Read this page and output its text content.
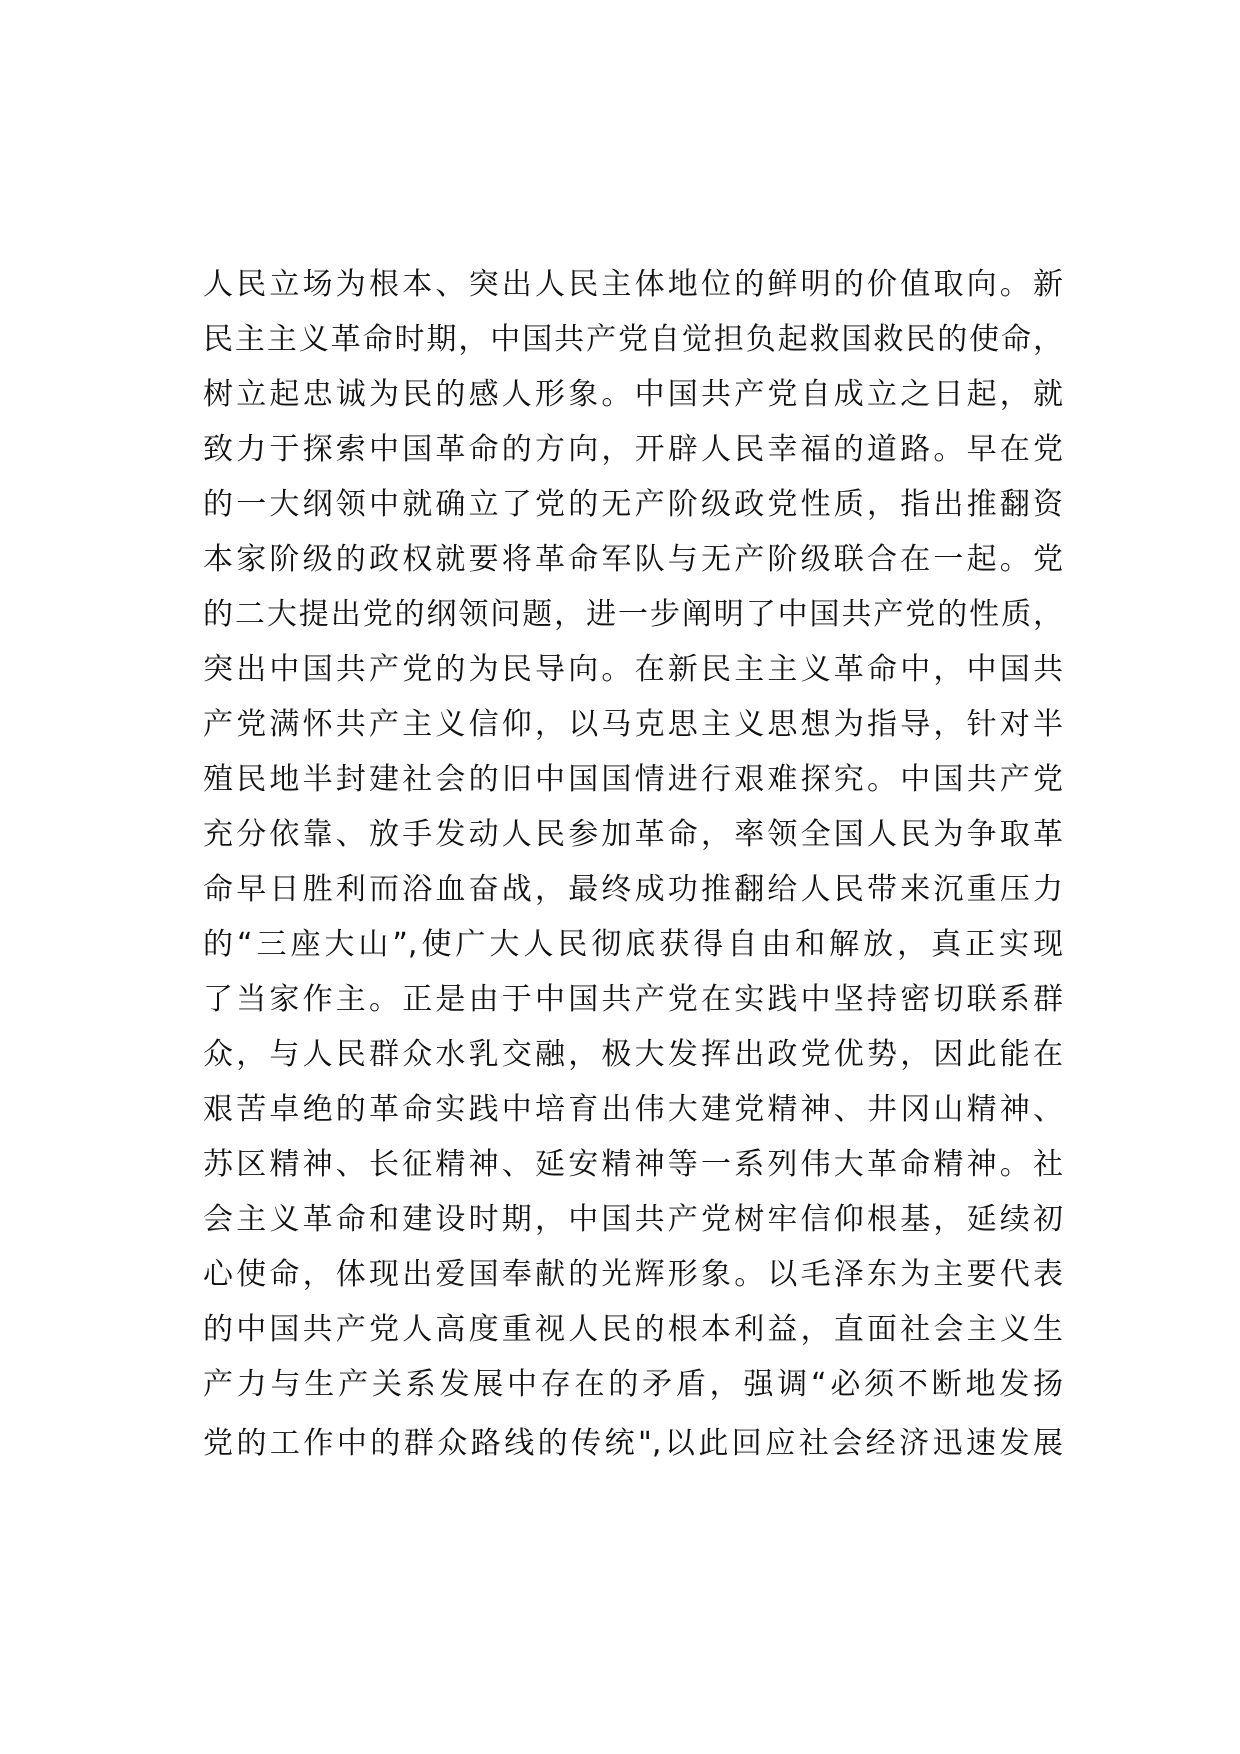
人民立场为根本、突出人民主体地位的鲜明的价值取向。新
民主主义革命时期，中国共产党自觉担负起救国救民的使命，
树立起忠诚为民的感人形象。中国共产党自成立之日起，就
致力于探索中国革命的方向，开辟人民幸福的道路。早在党
的一大纲领中就确立了党的无产阶级政党性质，指出推翻资
本家阶级的政权就要将革命军队与无产阶级联合在一起。党
的二大提出党的纲领问题，进一步阐明了中国共产党的性质，
突出中国共产党的为民导向。在新民主主义革命中，中国共
产党满怀共产主义信仰，以马克思主义思想为指导，针对半
殖民地半封建社会的旧中国国情进行艰难探究。中国共产党
充分依靠、放手发动人民参加革命，率领全国人民为争取革
命早日胜利而浴血奋战，最终成功推翻给人民带来沉重压力
的“三座大山”,使广大人民彻底获得自由和解放，真正实现
了当家作主。正是由于中国共产党在实践中坚持密切联系群
众，与人民群众水乳交融，极大发挥出政党优势，因此能在
艰苦卓绝的革命实践中培育出伟大建党精神、井冈山精神、
苏区精神、长征精神、延安精神等一系列伟大革命精神。社
会主义革命和建设时期，中国共产党树牢信仰根基，延续初
心使命，体现出爱国奉献的光辉形象。以毛泽东为主要代表
的中国共产党人高度重视人民的根本利益，直面社会主义生
产力与生产关系发展中存在的矛盾，强调“必须不断地发扬
党的工作中的群众路线的传统",以此回应社会经济迅速发展
